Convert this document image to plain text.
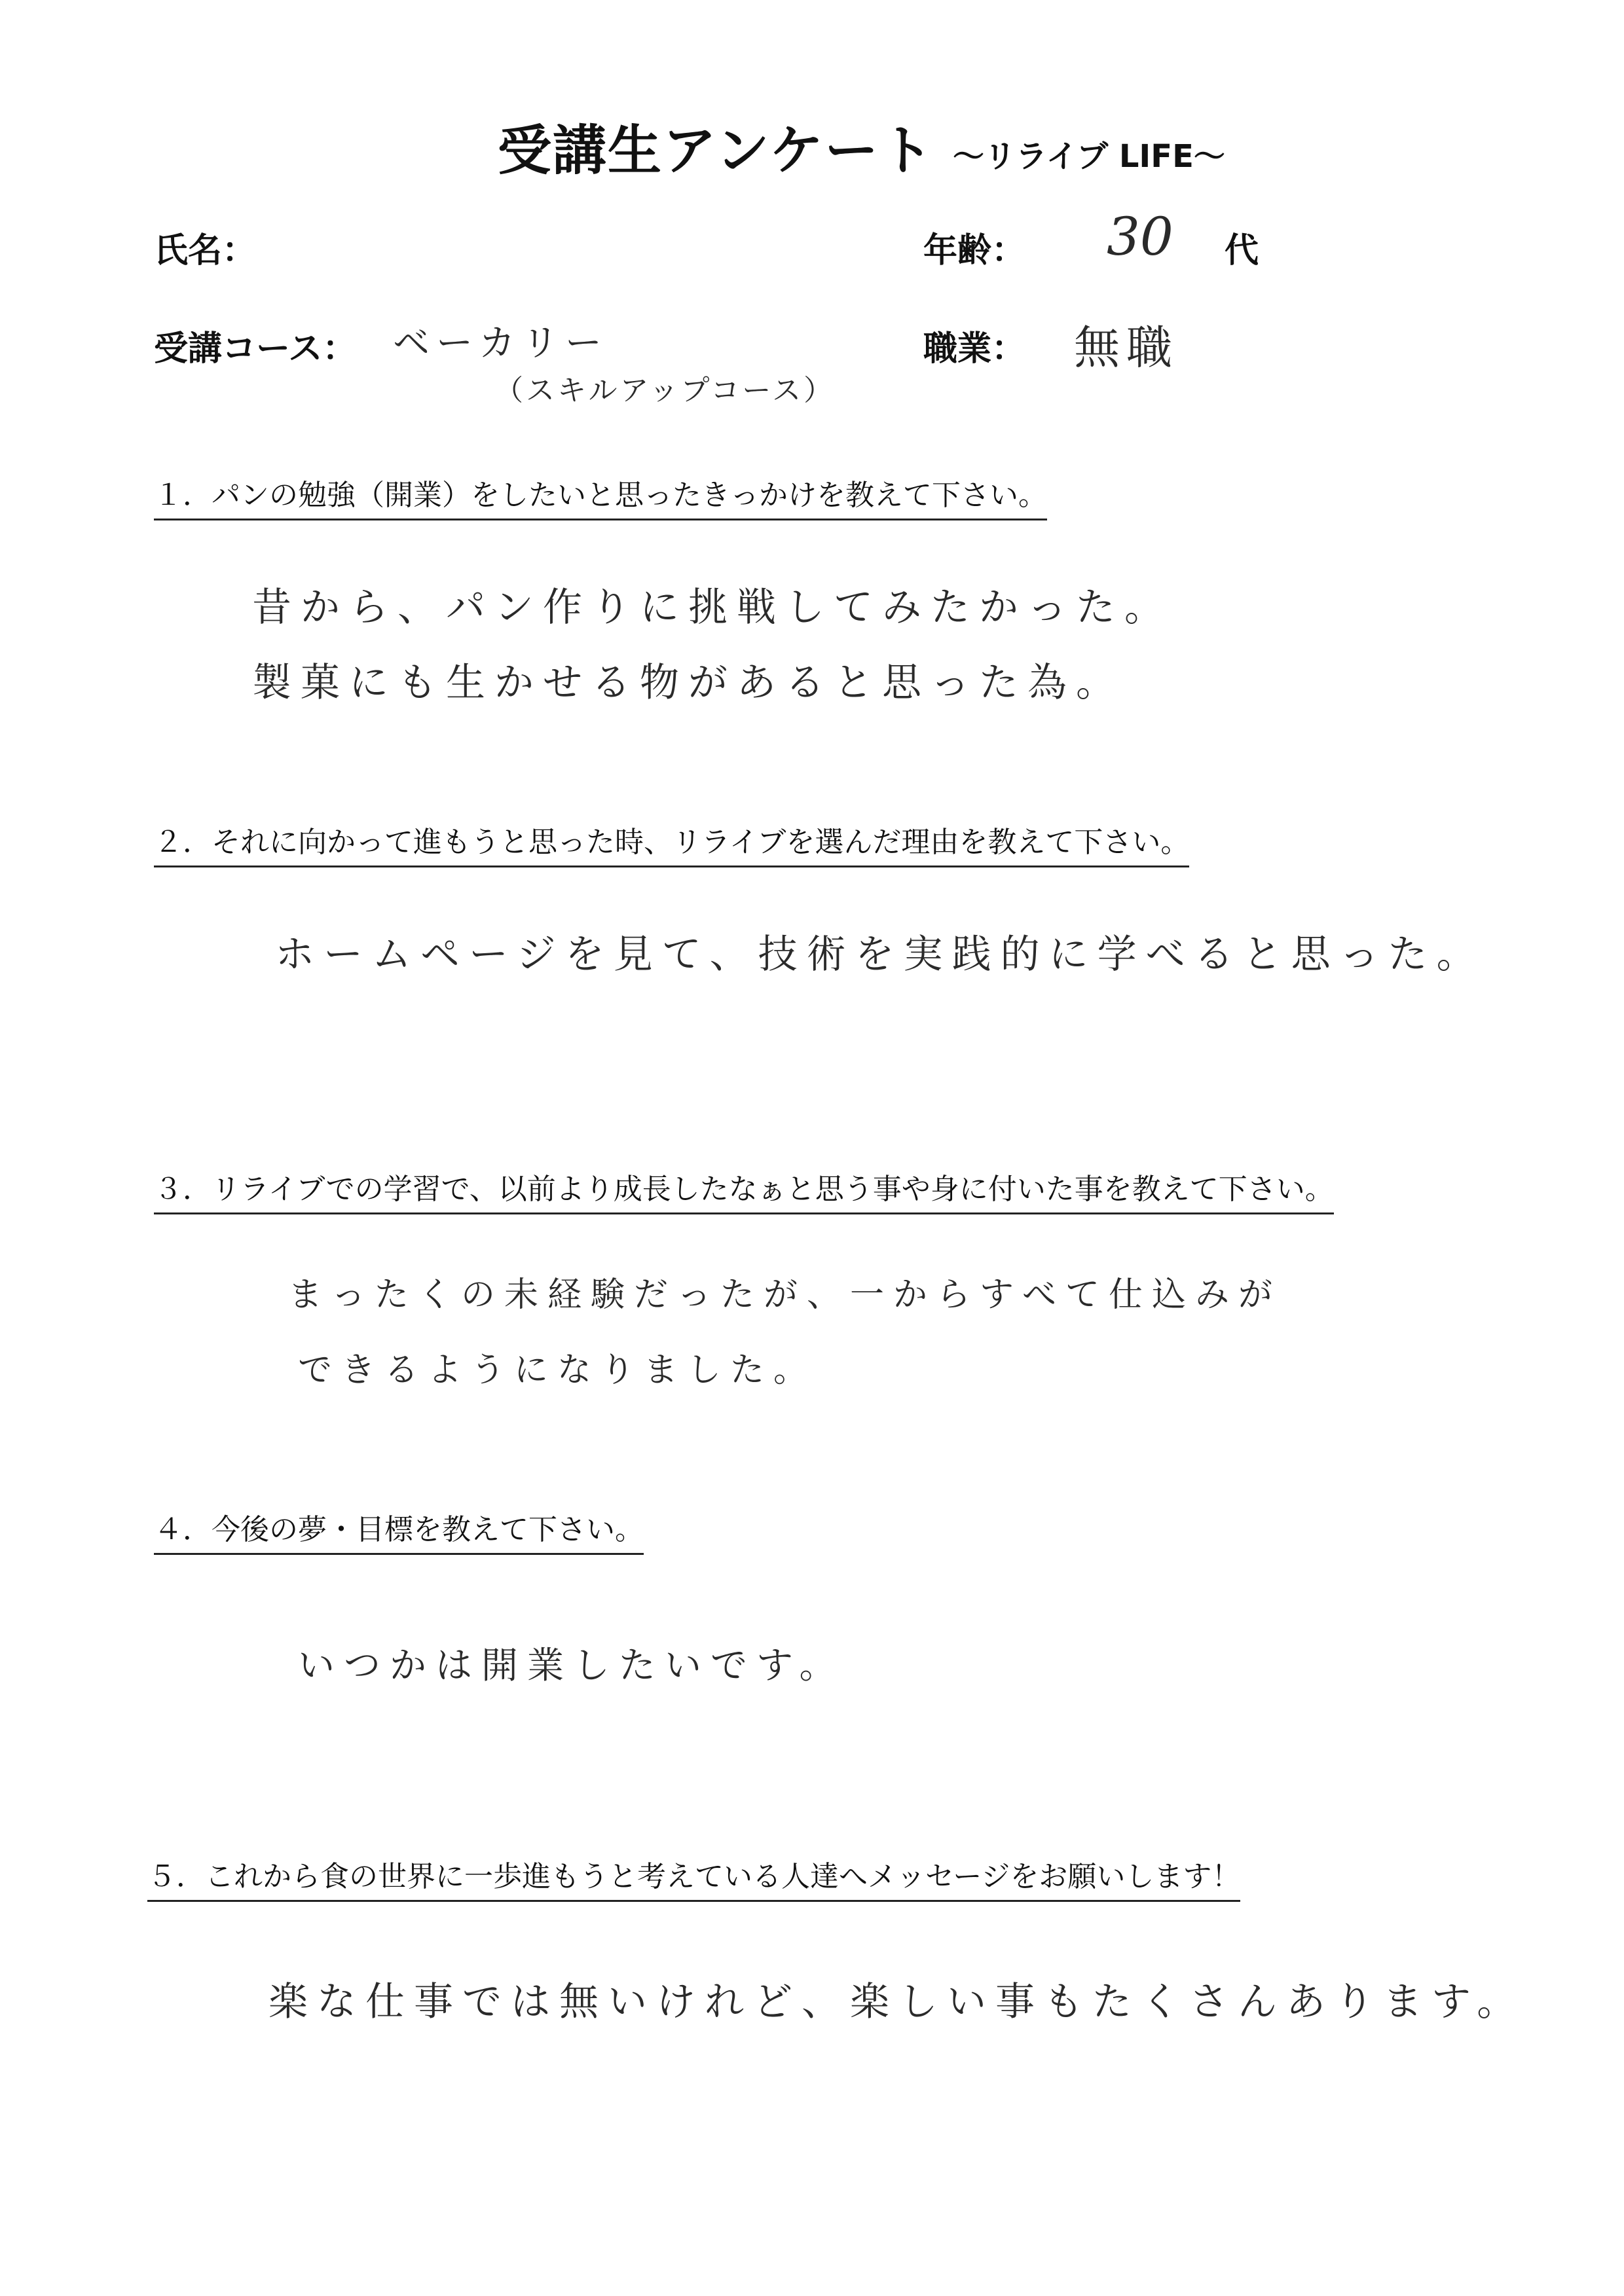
受講生アンケート 〜リライブ LIFE〜
氏名：	年齢： 30 代
受講コース： ベーカリー
（スキルアップコース）
職業： 無職
１．パンの勉強（開業）をしたいと思ったきっかけを教えて下さい。
昔から、パン作りに挑戦してみたかった。
製菓にも生かせる物があると思った為。
２．それに向かって進もうと思った時、リライブを選んだ理由を教えて下さい。
ホームページを見て、技術を実践的に学べると思った。
３．リライブでの学習で、以前より成長したなぁと思う事や身に付いた事を教えて下さい。
まったくの未経験だったが、一からすべて仕込みが
できるようになりました。
４．今後の夢・目標を教えて下さい。
いつかは開業したいです。
５．これから食の世界に一歩進もうと考えている人達へメッセージをお願いします！
楽な仕事では無いけれど、楽しい事もたくさんあります。
